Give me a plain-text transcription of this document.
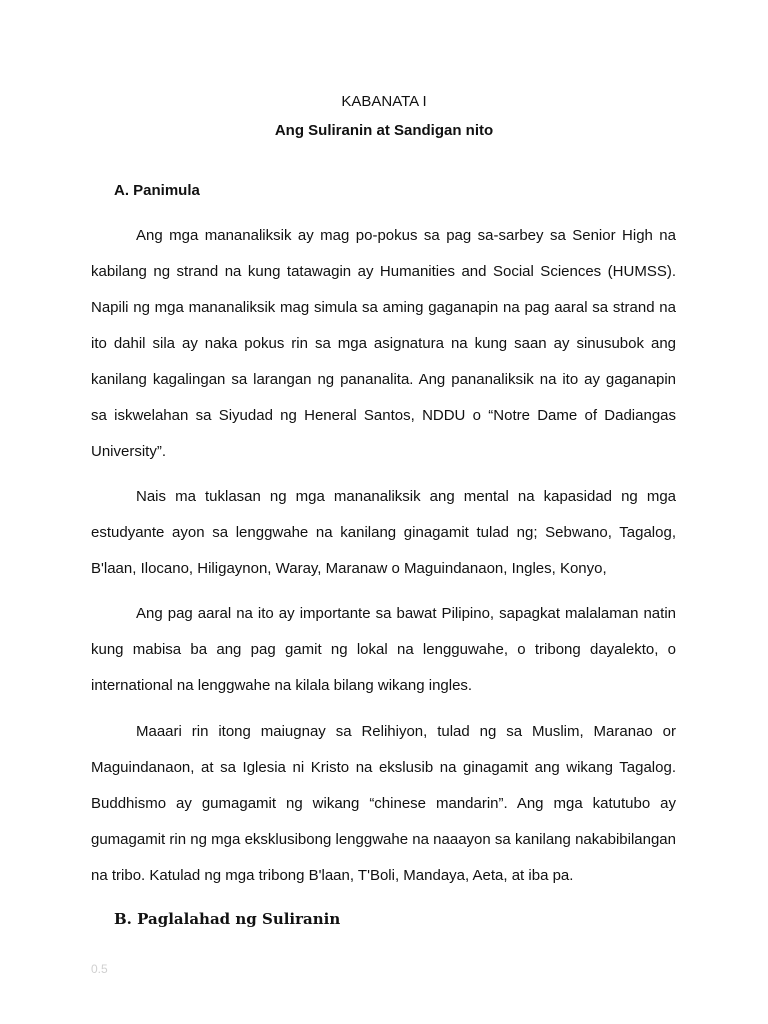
KABANATA I
Ang Suliranin at Sandigan nito
A. Panimula

Ang mga mananaliksik ay mag po-pokus sa pag sa-sarbey sa Senior High na kabilang ng strand na kung tatawagin ay Humanities and Social Sciences (HUMSS). Napili ng mga mananaliksik mag simula sa aming gaganapin na pag aaral sa strand na ito dahil sila ay naka pokus rin sa mga asignatura na kung saan ay sinusubok ang kanilang kagalingan sa larangan ng pananalita. Ang pananaliksik na ito ay gaganapin sa iskwelahan sa Siyudad ng Heneral Santos, NDDU o “Notre Dame of Dadiangas University”.

Nais ma tuklasan ng mga mananaliksik ang mental na kapasidad ng mga estudyante ayon sa lenggwahe na kanilang ginagamit tulad ng; Sebwano, Tagalog, B'laan, Ilocano, Hiligaynon, Waray, Maranaw o Maguindanaon, Ingles, Konyo,

Ang pag aaral na ito ay importante sa bawat Pilipino, sapagkat malalaman natin kung mabisa ba ang pag gamit ng lokal na lengguwahe, o tribong dayalekto, o international na lenggwahe na kilala bilang wikang ingles.

Maaari rin itong maiugnay sa Relihiyon, tulad ng sa Muslim, Maranao or Maguindanaon, at sa Iglesia ni Kristo na ekslusib na ginagamit ang wikang Tagalog. Buddhismo ay gumagamit ng wikang “chinese mandarin”. Ang mga katutubo ay gumagamit rin ng mga eksklusibong lenggwahe na naaayon sa kanilang nakabibilangan na tribo. Katulad ng mga tribong B'laan, T'Boli, Mandaya, Aeta, at iba pa.

B. Paglalahad ng Suliranin
0.5
